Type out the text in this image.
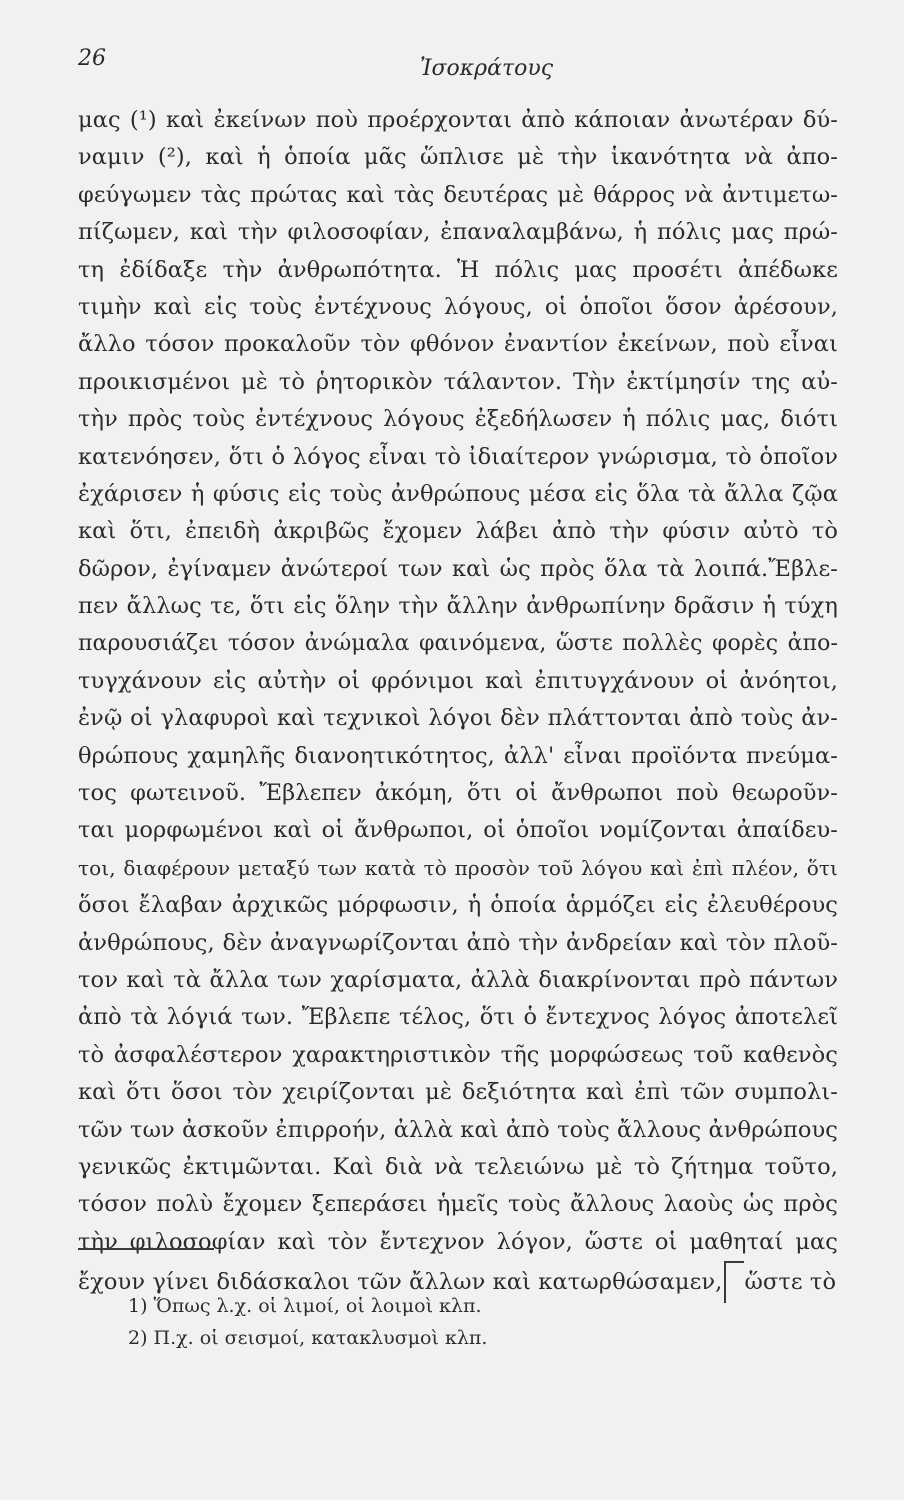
26	Ἰσοκράτους
μας (¹) καὶ ἐκείνων ποὺ προέρχονται ἀπὸ κάποιαν ἀνωτέραν δύ-
ναμιν (²), καὶ ἡ ὁποία μᾶς ὥπλισε μὲ τὴν ἱκανότητα νὰ ἀπο-
φεύγωμεν τὰς πρώτας καὶ τὰς δευτέρας μὲ θάρρος νὰ ἀντιμετω-
πίζωμεν, καὶ τὴν φιλοσοφίαν, ἐπαναλαμβάνω, ἡ πόλις μας πρώ-
τη ἐδίδαξε τὴν ἀνθρωπότητα. Ἡ πόλις μας προσέτι ἀπέδωκε
τιμὴν καὶ εἰς τοὺς ἐντέχνους λόγους, οἱ ὁποῖοι ὅσον ἀρέσουν,
ἄλλο τόσον προκαλοῦν τὸν φθόνον ἐναντίον ἐκείνων, ποὺ εἶναι
προικισμένοι μὲ τὸ ῥητορικὸν τάλαντον. Τὴν ἐκτίμησίν της αὐ-
τὴν πρὸς τοὺς ἐντέχνους λόγους ἐξεδήλωσεν ἡ πόλις μας, διότι
κατενόησεν, ὅτι ὁ λόγος εἶναι τὸ ἰδιαίτερον γνώρισμα, τὸ ὁποῖον
ἐχάρισεν ἡ φύσις εἰς τοὺς ἀνθρώπους μέσα εἰς ὅλα τὰ ἄλλα ζῷα
καὶ ὅτι, ἐπειδὴ ἀκριβῶς ἔχομεν λάβει ἀπὸ τὴν φύσιν αὐτὸ τὸ
δῶρον, ἐγίναμεν ἀνώτεροί των καὶ ὡς πρὸς ὅλα τὰ λοιπά.Ἔβλε-
πεν ἄλλως τε, ὅτι εἰς ὅλην τὴν ἄλλην ἀνθρωπίνην δρᾶσιν ἡ τύχη
παρουσιάζει τόσον ἀνώμαλα φαινόμενα, ὥστε πολλὲς φορὲς ἀπο-
τυγχάνουν εἰς αὐτὴν οἱ φρόνιμοι καὶ ἐπιτυγχάνουν οἱ ἀνόητοι,
ἐνῷ οἱ γλαφυροὶ καὶ τεχνικοὶ λόγοι δὲν πλάττονται ἀπὸ τοὺς ἀν-
θρώπους χαμηλῆς διανοητικότητος, ἀλλ' εἶναι προϊόντα πνεύμα-
τος φωτεινοῦ. Ἔβλεπεν ἀκόμη, ὅτι οἱ ἄνθρωποι ποὺ θεωροῦν-
ται μορφωμένοι καὶ οἱ ἄνθρωποι, οἱ ὁποῖοι νομίζονται ἀπαίδευ-
τοι, διαφέρουν μεταξύ των κατὰ τὸ προσὸν τοῦ λόγου καὶ ἐπὶ πλέον, ὅτι
ὅσοι ἔλαβαν ἀρχικῶς μόρφωσιν, ἡ ὁποία ἁρμόζει εἰς ἐλευθέρους
ἀνθρώπους, δὲν ἀναγνωρίζονται ἀπὸ τὴν ἀνδρείαν καὶ τὸν πλοῦ-
τον καὶ τὰ ἄλλα των χαρίσματα, ἀλλὰ διακρίνονται πρὸ πάντων
ἀπὸ τὰ λόγιά των. Ἔβλεπε τέλος, ὅτι ὁ ἔντεχνος λόγος ἀποτελεῖ
τὸ ἀσφαλέστερον χαρακτηριστικὸν τῆς μορφώσεως τοῦ καθενὸς
καὶ ὅτι ὅσοι τὸν χειρίζονται μὲ δεξιότητα καὶ ἐπὶ τῶν συμπολι-
τῶν των ἀσκοῦν ἐπιρροήν, ἀλλὰ καὶ ἀπὸ τοὺς ἄλλους ἀνθρώπους
γενικῶς ἐκτιμῶνται. Καὶ διὰ νὰ τελειώνω μὲ τὸ ζήτημα τοῦτο,
τόσον πολὺ ἔχομεν ξεπεράσει ἡμεῖς τοὺς ἄλλους λαοὺς ὡς πρὸς
τὴν φιλοσοφίαν καὶ τὸν ἔντεχνον λόγον, ὥστε οἱ μαθηταί μας
ἔχουν γίνει διδάσκαλοι τῶν ἄλλων καὶ κατωρθώσαμεν, ὥστε τὸ
1) Ὅπως λ.χ. οἱ λιμοί, οἱ λοιμοὶ κλπ.
2) Π.χ. οἱ σεισμοί, κατακλυσμοὶ κλπ.
